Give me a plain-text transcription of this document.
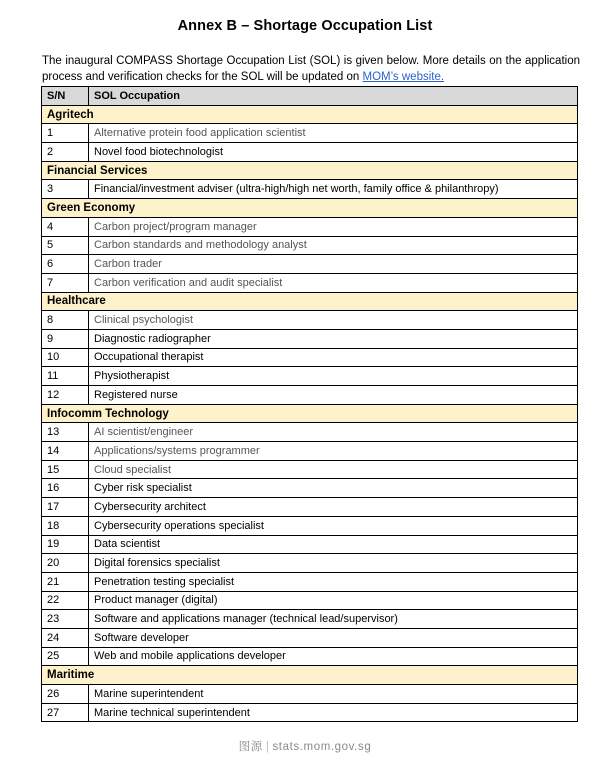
Annex B – Shortage Occupation List
The inaugural COMPASS Shortage Occupation List (SOL) is given below. More details on the application process and verification checks for the SOL will be updated on MOM’s website.
S/N	SOL Occupation
Agritech	
1	Alternative protein food application scientist
2	Novel food biotechnologist
Financial Services	
3	Financial/investment adviser (ultra-high/high net worth, family office & philanthropy)
Green Economy	
4	Carbon project/program manager
5	Carbon standards and methodology analyst
6	Carbon trader
7	Carbon verification and audit specialist
Healthcare	
8	Clinical psychologist
9	Diagnostic radiographer
10	Occupational therapist
11	Physiotherapist
12	Registered nurse
Infocomm Technology	
13	AI scientist/engineer
14	Applications/systems programmer
15	Cloud specialist
16	Cyber risk specialist
17	Cybersecurity architect
18	Cybersecurity operations specialist
19	Data scientist
20	Digital forensics specialist
21	Penetration testing specialist
22	Product manager (digital)
23	Software and applications manager (technical lead/supervisor)
24	Software developer
25	Web and mobile applications developer
Maritime	
26	Marine superintendent
27	Marine technical superintendent
图源 | stats.mom.gov.sg
